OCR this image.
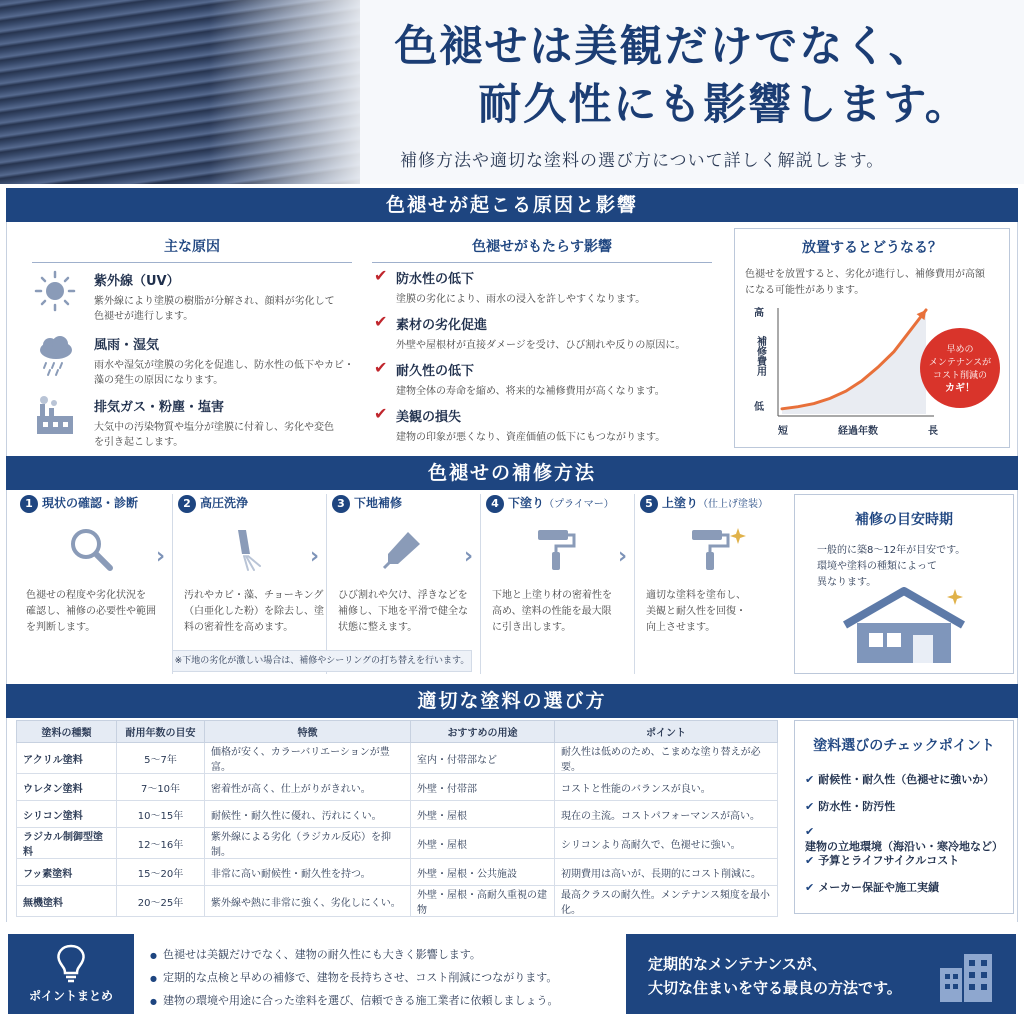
色褪せは美観だけでなく、

耐久性にも影響します。
補修方法や適切な塗料の選び方について詳しく解説します。
色褪せが起こる原因と影響
主な原因
紫外線（UV）
紫外線により塗膜の樹脂が分解され、顔料が劣化して
色褪せが進行します。
風雨・湿気
雨水や湿気が塗膜の劣化を促進し、防水性の低下やカビ・
藻の発生の原因になります。
排気ガス・粉塵・塩害
大気中の汚染物質や塩分が塗膜に付着し、劣化や変色
を引き起こします。
色褪せがもたらす影響
✔ 防水性の低下
塗膜の劣化により、雨水の浸入を許しやすくなります。
✔ 素材の劣化促進
外壁や屋根材が直接ダメージを受け、ひび割れや反りの原因に。
✔ 耐久性の低下
建物全体の寿命を縮め、将来的な補修費用が高くなります。
✔ 美観の損失
建物の印象が悪くなり、資産価値の低下にもつながります。
放置するとどうなる？
色褪せを放置すると、劣化が進行し、補修費用が高額
になる可能性があります。
高
補修費用
低
短	経過年数	長
早めの
メンテナンスが
コスト削減の
カギ！
色褪せの補修方法
1 現状の確認・診断
色褪せの程度や劣化状況を
確認し、補修の必要性や範囲
を判断します。
›
2 高圧洗浄
汚れやカビ・藻、チョーキング
（白亜化した粉）を除去し、塗
料の密着性を高めます。
›
3 下地補修
ひび割れや欠け、浮きなどを
補修し、下地を平滑で健全な
状態に整えます。
›
4 下塗り（プライマー）
下地と上塗り材の密着性を
高め、塗料の性能を最大限
に引き出します。
›
5 上塗り（仕上げ塗装）
適切な塗料を塗布し、
美観と耐久性を回復・
向上させます。
※下地の劣化が激しい場合は、補修やシーリングの打ち替えを行います。
補修の目安時期
一般的に築8～12年が目安です。
環境や塗料の種類によって
異なります。
適切な塗料の選び方
塗料の種類	耐用年数の目安	特徴	おすすめの用途	ポイント
アクリル塗料	5〜7年	価格が安く、カラーバリエーションが豊富。	室内・付帯部など	耐久性は低めのため、こまめな塗り替えが必要。
ウレタン塗料	7〜10年	密着性が高く、仕上がりがきれい。	外壁・付帯部	コストと性能のバランスが良い。
シリコン塗料	10〜15年	耐候性・耐久性に優れ、汚れにくい。	外壁・屋根	現在の主流。コストパフォーマンスが高い。
ラジカル制御型塗料	12〜16年	紫外線による劣化（ラジカル反応）を抑制。	外壁・屋根	シリコンより高耐久で、色褪せに強い。
フッ素塗料	15〜20年	非常に高い耐候性・耐久性を持つ。	外壁・屋根・公共施設	初期費用は高いが、長期的にコスト削減に。
無機塗料	20〜25年	紫外線や熱に非常に強く、劣化しにくい。	外壁・屋根・高耐久重視の建物	最高クラスの耐久性。メンテナンス頻度を最小化。
塗料選びのチェックポイント
✔ 耐候性・耐久性（色褪せに強いか）
✔ 防水性・防汚性
✔建物の立地環境（海沿い・寒冷地など）
✔ 予算とライフサイクルコスト
✔ メーカー保証や施工実績
ポイントまとめ
● 色褪せは美観だけでなく、建物の耐久性にも大きく影響します。
● 定期的な点検と早めの補修で、建物を長持ちさせ、コスト削減につながります。
● 建物の環境や用途に合った塗料を選び、信頼できる施工業者に依頼しましょう。
定期的なメンテナンスが、
大切な住まいを守る最良の方法です。
